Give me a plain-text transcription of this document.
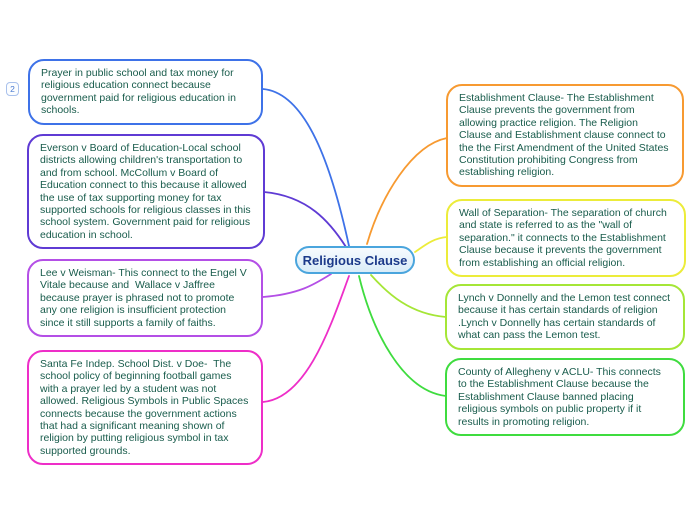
Prayer in public school and tax money for religious education connect because government paid for religious education in schools.
Everson v Board of Education-Local school districts allowing children's transportation to and from school. McCollum v Board of Education connect to this because it allowed the use of tax supporting money for tax supported schools for religious classes in this school system. Government paid for religious education in school.
Lee v Weisman- This connect to the Engel V Vitale because and  Wallace v Jaffree because prayer is phrased not to promote any one religion is insufficient protection since it still supports a family of faiths.
Santa Fe Indep. School Dist. v Doe-  The school policy of beginning football games with a prayer led by a student was not allowed. Religious Symbols in Public Spaces connects because the government actions that had a significant meaning shown of religion by putting religious symbol in tax supported grounds.
Establishment Clause- The Establishment Clause prevents the government from allowing practice religion. The Religion Clause and Establishment clause connect to the the First Amendment of the United States Constitution prohibiting Congress from establishing religion.
Wall of Separation- The separation of church and state is referred to as the "wall of separation." it connects to the Establishment Clause because it prevents the government from establishing an official religion.
Lynch v Donnelly and the Lemon test connect because it has certain standards of religion .Lynch v Donnelly has certain standards of what can pass the Lemon test.
County of Allegheny v ACLU- This connects to the Establishment Clause because the Establishment Clause banned placing religious symbols on public property if it results in promoting religion.
Religious Clause
2
